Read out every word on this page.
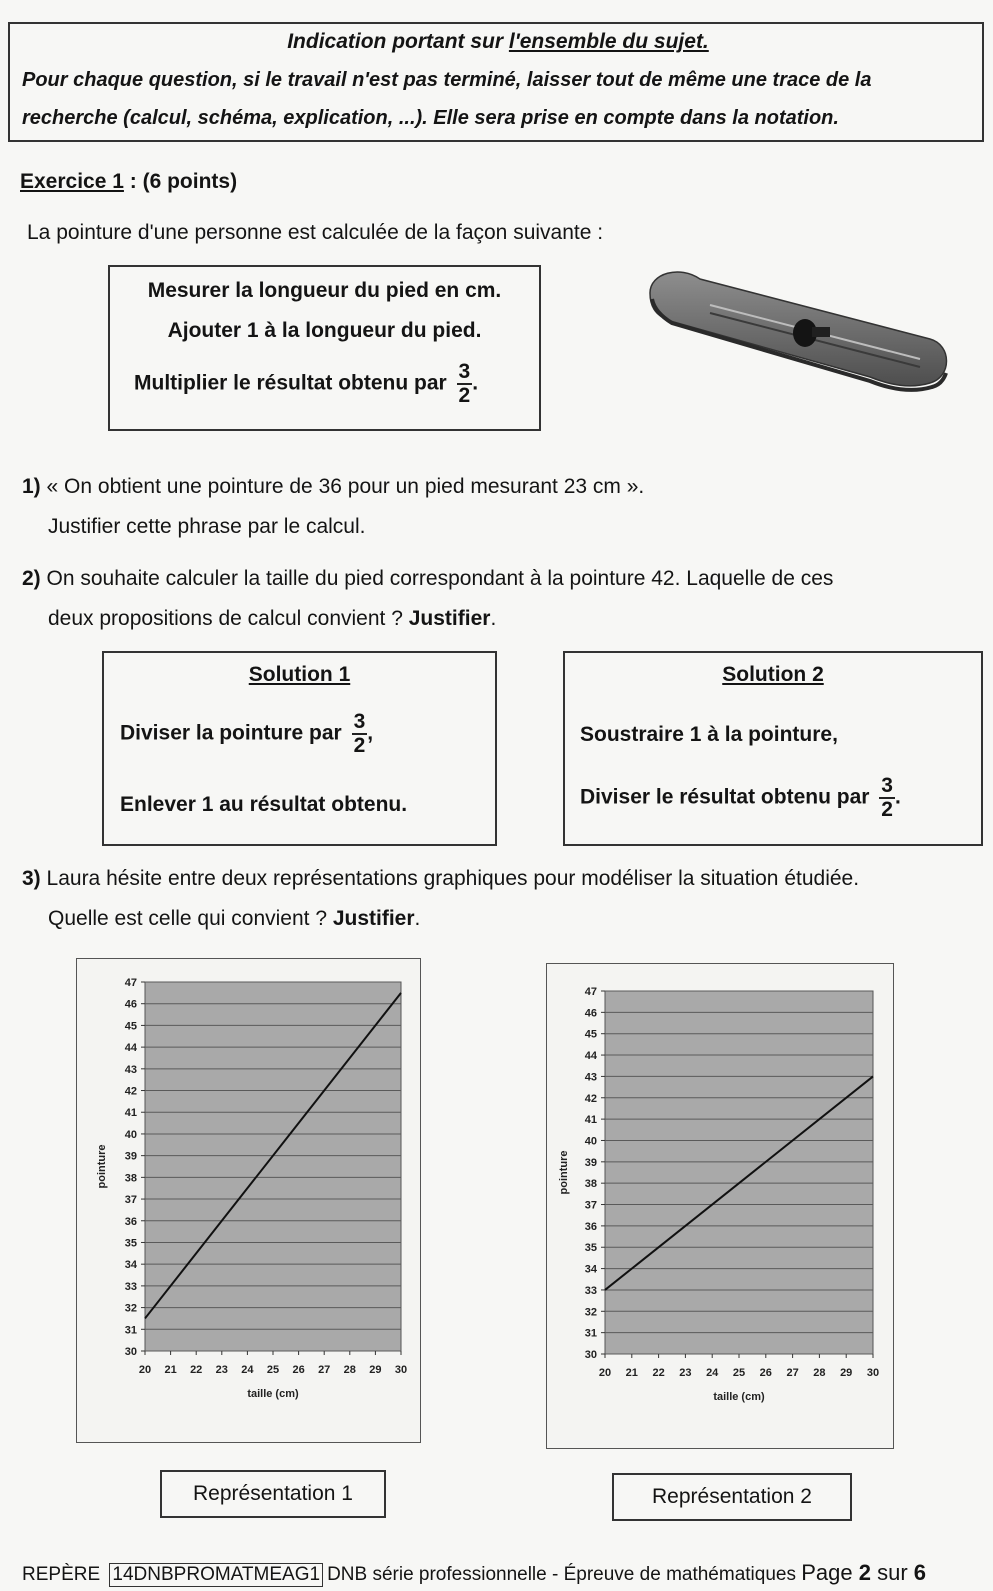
Indication portant sur l'ensemble du sujet.
Pour chaque question, si le travail n'est pas terminé, laisser tout de même une trace de la
recherche (calcul, schéma, explication, ...). Elle sera prise en compte dans la notation.
Exercice 1 : (6 points)
La pointure d'une personne est calculée de la façon suivante :
Mesurer la longueur du pied en cm.
Ajouter 1 à la longueur du pied.
Multiplier le résultat obtenu par $\frac{3}{2}$ .
1) « On obtient une pointure de 36 pour un pied mesurant 23 cm ».
Justifier cette phrase par le calcul.
2) On souhaite calculer la taille du pied correspondant à la pointure 42. Laquelle de ces
deux propositions de calcul convient ? Justifier.
Solution 1
Diviser la pointure par $\frac{3}{2}$ ,
Enlever 1 au résultat obtenu.
Solution 2
Soustraire 1 à la pointure,
Diviser le résultat obtenu par $\frac{3}{2}$ .
3) Laura hésite entre deux représentations graphiques pour modéliser la situation étudiée.
Quelle est celle qui convient ? Justifier.
30
31
32
33
34
35
36
37
38
39
40
41
42
43
44
45
46
47
20 21 22 23 24 25 26 27 28 29 30
taille (cm)
pointure
Représentation 1
30
31
32
33
34
35
36
37
38
39
40
41
42
43
44
45
46
47
20 21 22 23 24 25 26 27 28 29 30
taille (cm)
pointure
Représentation 2
REPÈRE 14DNBPROMATMEAG1 DNB série professionnelle - Épreuve de mathématiques Page 2 sur 6
